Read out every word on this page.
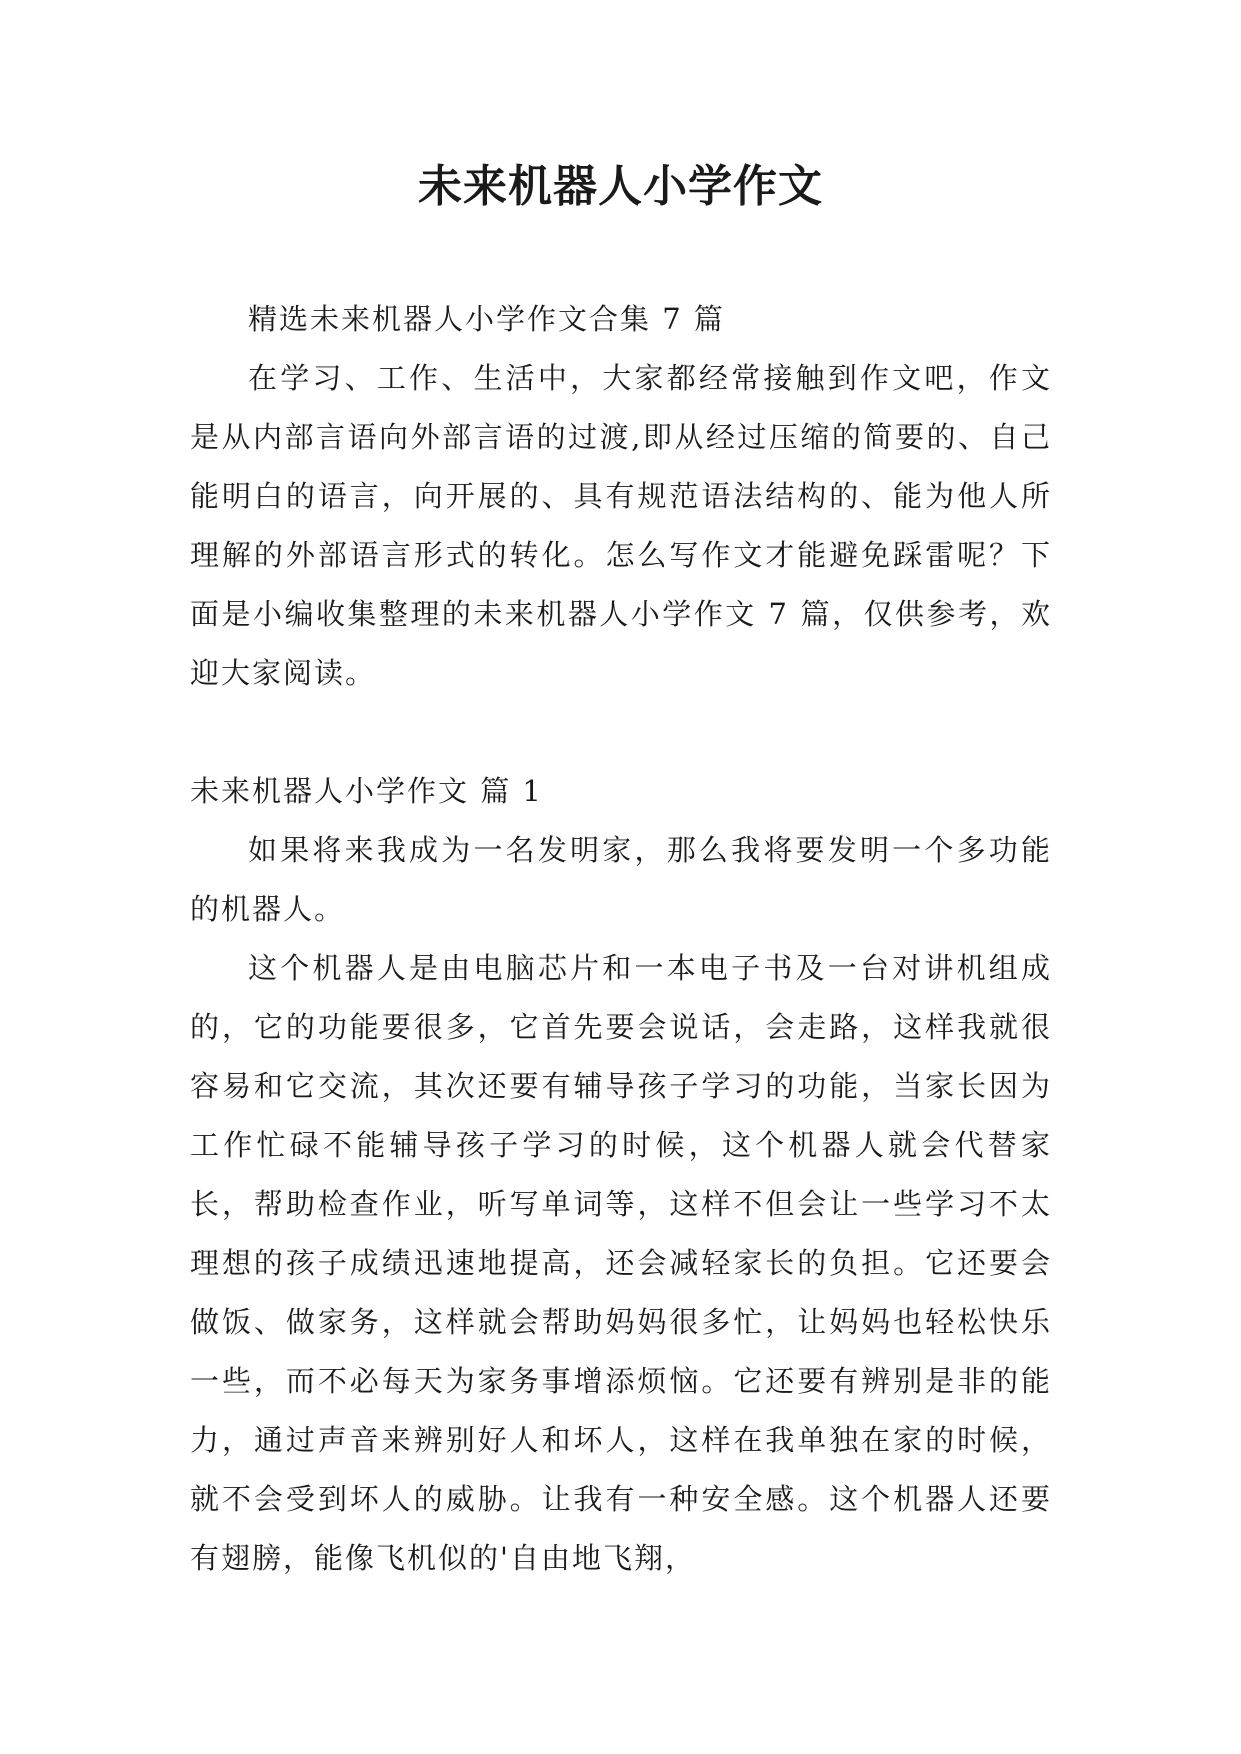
未来机器人小学作文

精选未来机器人小学作文合集 7 篇

在学习、工作、生活中，大家都经常接触到作文吧，作文是从内部言语向外部言语的过渡,即从经过压缩的简要的、自己能明白的语言，向开展的、具有规范语法结构的、能为他人所理解的外部语言形式的转化。怎么写作文才能避免踩雷呢？下面是小编收集整理的未来机器人小学作文 7 篇，仅供参考，欢迎大家阅读。

未来机器人小学作文 篇 1

如果将来我成为一名发明家，那么我将要发明一个多功能的机器人。

这个机器人是由电脑芯片和一本电子书及一台对讲机组成的，它的功能要很多，它首先要会说话，会走路，这样我就很容易和它交流，其次还要有辅导孩子学习的功能，当家长因为工作忙碌不能辅导孩子学习的时候，这个机器人就会代替家长，帮助检查作业，听写单词等，这样不但会让一些学习不太理想的孩子成绩迅速地提高，还会减轻家长的负担。它还要会做饭、做家务，这样就会帮助妈妈很多忙，让妈妈也轻松快乐一些，而不必每天为家务事增添烦恼。它还要有辨别是非的能力，通过声音来辨别好人和坏人，这样在我单独在家的时候，就不会受到坏人的威胁。让我有一种安全感。这个机器人还要有翅膀，能像飞机似的'自由地飞翔，
